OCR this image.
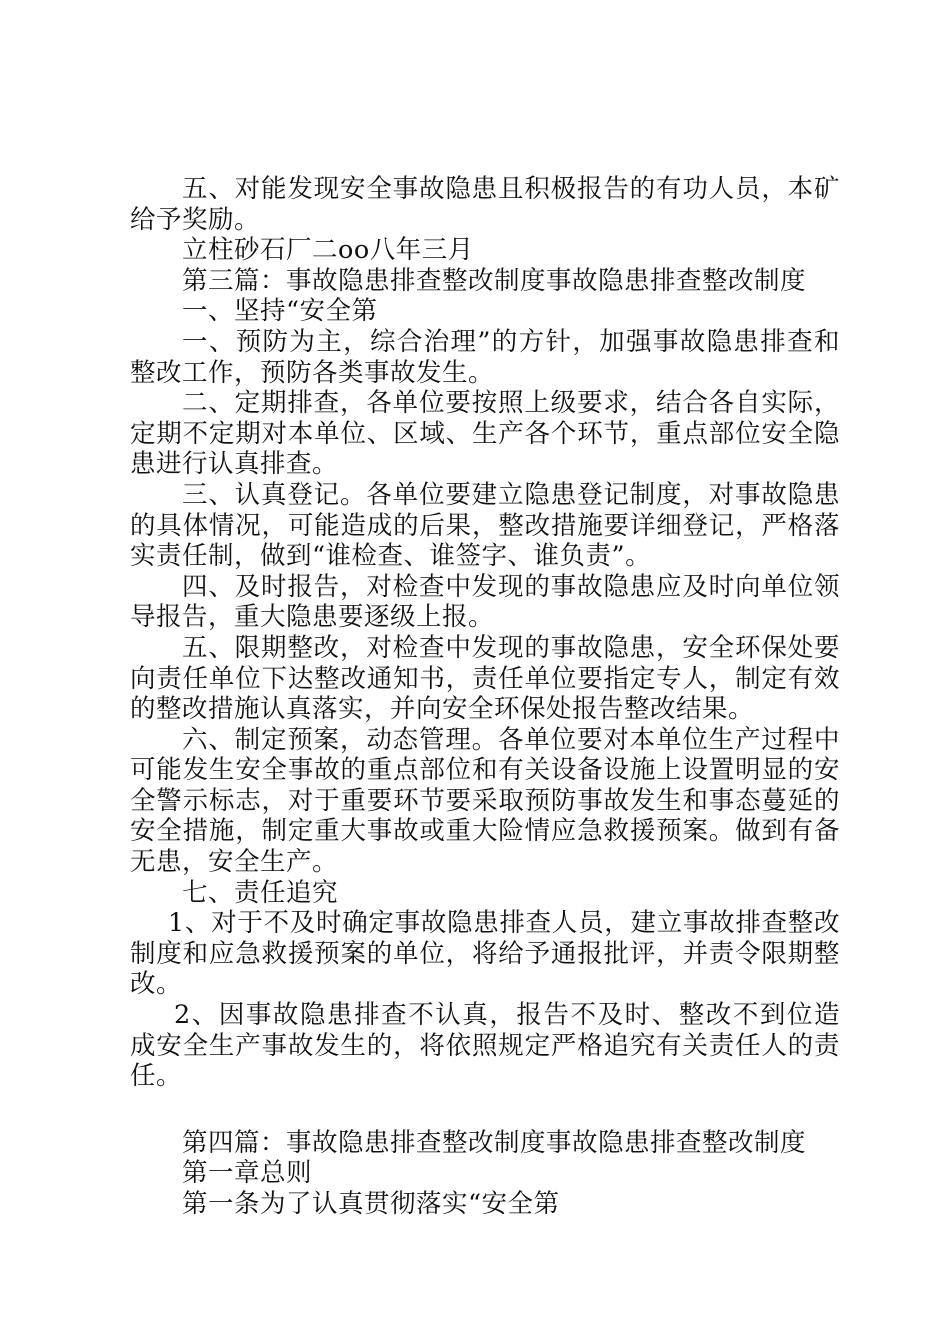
五、对能发现安全事故隐患且积极报告的有功人员，本矿给予奖励。

立柱砂石厂二oo八年三月

第三篇：事故隐患排查整改制度事故隐患排查整改制度

一、坚持“安全第

一、预防为主，综合治理”的方针，加强事故隐患排查和整改工作，预防各类事故发生。

二、定期排查，各单位要按照上级要求，结合各自实际，定期不定期对本单位、区域、生产各个环节，重点部位安全隐患进行认真排查。

三、认真登记。各单位要建立隐患登记制度，对事故隐患的具体情况，可能造成的后果，整改措施要详细登记，严格落实责任制，做到“谁检查、谁签字、谁负责”。

四、及时报告，对检查中发现的事故隐患应及时向单位领导报告，重大隐患要逐级上报。

五、限期整改，对检查中发现的事故隐患，安全环保处要向责任单位下达整改通知书，责任单位要指定专人，制定有效的整改措施认真落实，并向安全环保处报告整改结果。

六、制定预案，动态管理。各单位要对本单位生产过程中可能发生安全事故的重点部位和有关设备设施上设置明显的安全警示标志，对于重要环节要采取预防事故发生和事态蔓延的安全措施，制定重大事故或重大险情应急救援预案。做到有备无患，安全生产。

七、责任追究

1、对于不及时确定事故隐患排查人员，建立事故排查整改制度和应急救援预案的单位，将给予通报批评，并责令限期整改。

2、因事故隐患排查不认真，报告不及时、整改不到位造成安全生产事故发生的，将依照规定严格追究有关责任人的责任。

第四篇：事故隐患排查整改制度事故隐患排查整改制度

第一章总则

第一条为了认真贯彻落实“安全第
